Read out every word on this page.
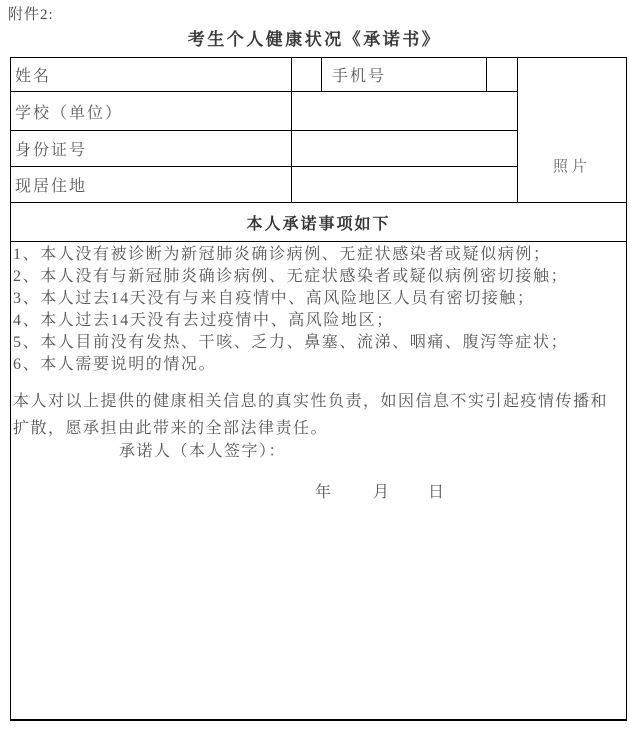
附件2:
考生个人健康状况《承诺书》
姓名	手机号
照片
学校（单位）
身份证号
现居住地
本人承诺事项如下
1、本人没有被诊断为新冠肺炎确诊病例、无症状感染者或疑似病例；
2、本人没有与新冠肺炎确诊病例、无症状感染者或疑似病例密切接触；
3、本人过去14天没有与来自疫情中、高风险地区人员有密切接触；
4、本人过去14天没有去过疫情中、高风险地区；
5、本人目前没有发热、干咳、乏力、鼻塞、流涕、咽痛、腹泻等症状；
6、本人需要说明的情况。
本人对以上提供的健康相关信息的真实性负责，如因信息不实引起疫情传播和
扩散，愿承担由此带来的全部法律责任。
承诺人（本人签字）：
年	月 日
